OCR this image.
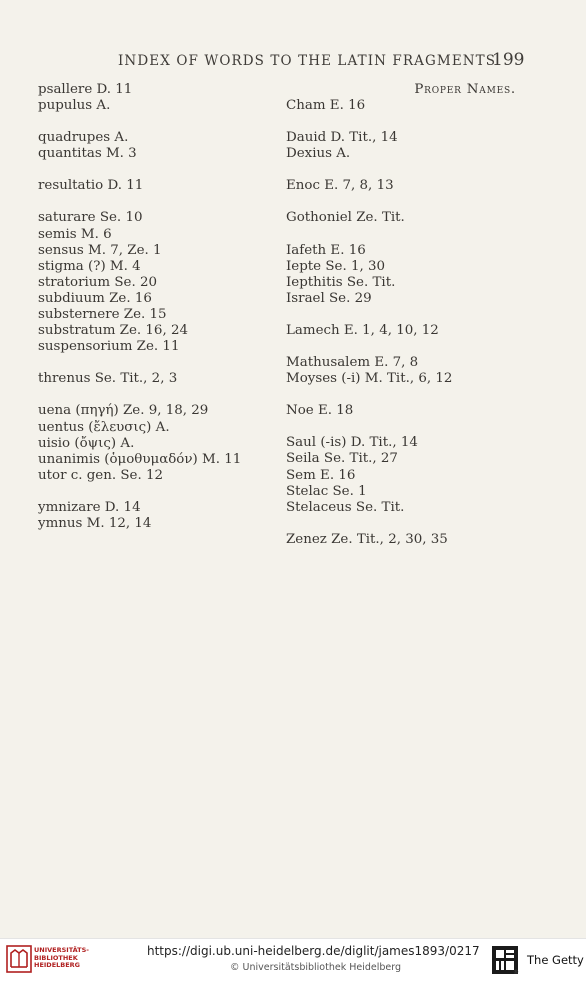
INDEX OF WORDS TO THE LATIN FRAGMENTS
199
psallere D. 11
pupulus A.
quadrupes A.
quantitas M. 3
resultatio D. 11
saturare Se. 10
semis M. 6
sensus M. 7, Ze. 1
stigma (?) M. 4
stratorium Se. 20
subdiuum Ze. 16
substernere Ze. 15
substratum Ze. 16, 24
suspensorium Ze. 11
threnus Se. Tit., 2, 3
uena (πηγή) Ze. 9, 18, 29
uentus (ἔλευσις) A.
uisio (ὄψις) A.
unanimis (ὁμοθυμαδόν) M. 11
utor c. gen. Se. 12
ymnizare D. 14
ymnus M. 12, 14
Proper Names.
Cham E. 16
Dauid D. Tit., 14
Dexius A.
Enoc E. 7, 8, 13
Gothoniel Ze. Tit.
Iafeth E. 16
Iepte Se. 1, 30
Iepthitis Se. Tit.
Israel Se. 29
Lamech E. 1, 4, 10, 12
Mathusalem E. 7, 8
Moyses (-i) M. Tit., 6, 12
Noe E. 18
Saul (-is) D. Tit., 14
Seila Se. Tit., 27
Sem E. 16
Stelac Se. 1
Stelaceus Se. Tit.
Zenez Ze. Tit., 2, 30, 35
UNIVERSITÄTS-
BIBLIOTHEK
HEIDELBERG
https://digi.ub.uni-heidelberg.de/diglit/james1893/0217
© Universitätsbibliothek Heidelberg	®
The Getty
